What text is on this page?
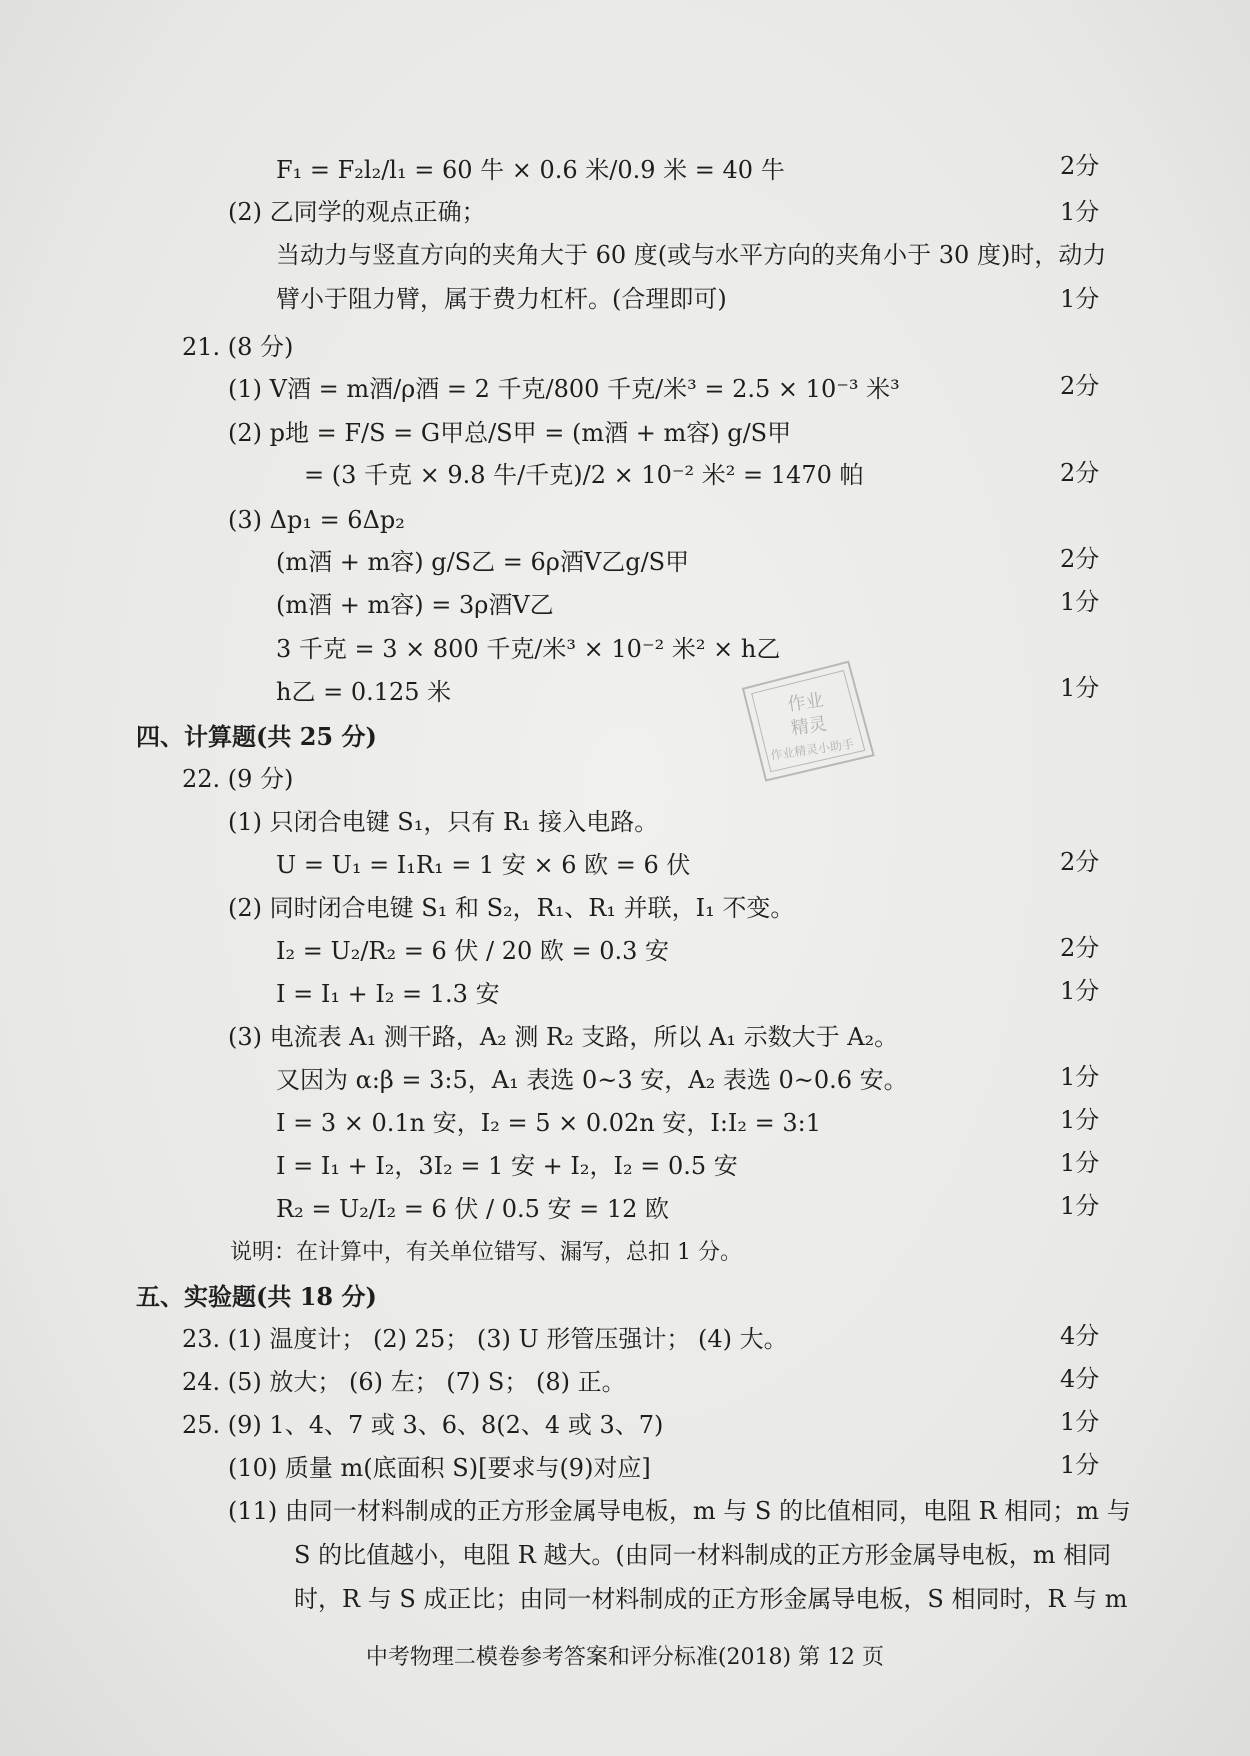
F₁ = F₂l₂/l₁ = 60 牛 × 0.6 米/0.9 米 = 40 牛	2分
(2) 乙同学的观点正确；	1分
当动力与竖直方向的夹角大于 60 度(或与水平方向的夹角小于 30 度)时，动力
臂小于阻力臂，属于费力杠杆。(合理即可)	1分
21. (8 分)
(1) V酒 = m酒/ρ酒 = 2 千克/800 千克/米³ = 2.5 × 10⁻³ 米³	2分
(2) p地 = F/S = G甲总/S甲 = (m酒 + m容) g/S甲
= (3 千克 × 9.8 牛/千克)/2 × 10⁻² 米² = 1470 帕	2分
(3) Δp₁ = 6Δp₂
(m酒 + m容) g/S乙 = 6ρ酒V乙g/S甲	2分
(m酒 + m容) = 3ρ酒V乙	1分
3 千克 = 3 × 800 千克/米³ × 10⁻² 米² × h乙
h乙 = 0.125 米	1分
作业
精灵
作业精灵小助手
四、计算题(共 25 分)
22. (9 分)
(1) 只闭合电键 S₁，只有 R₁ 接入电路。
U = U₁ = I₁R₁ = 1 安 × 6 欧 = 6 伏	2分
(2) 同时闭合电键 S₁ 和 S₂，R₁、R₁ 并联，I₁ 不变。
I₂ = U₂/R₂ = 6 伏 / 20 欧 = 0.3 安	2分
I = I₁ + I₂ = 1.3 安	1分
(3) 电流表 A₁ 测干路，A₂ 测 R₂ 支路，所以 A₁ 示数大于 A₂。
又因为 α:β = 3:5，A₁ 表选 0~3 安，A₂ 表选 0~0.6 安。	1分
I = 3 × 0.1n 安，I₂ = 5 × 0.02n 安，I:I₂ = 3:1	1分
I = I₁ + I₂，3I₂ = 1 安 + I₂，I₂ = 0.5 安	1分
R₂ = U₂/I₂ = 6 伏 / 0.5 安 = 12 欧	1分
说明：在计算中，有关单位错写、漏写，总扣 1 分。
五、实验题(共 18 分)
23. (1) 温度计； (2) 25； (3) U 形管压强计； (4) 大。	4分
24. (5) 放大； (6) 左； (7) S； (8) 正。	4分
25. (9) 1、4、7 或 3、6、8(2、4 或 3、7)	1分
(10) 质量 m(底面积 S)[要求与(9)对应]	1分
(11) 由同一材料制成的正方形金属导电板，m 与 S 的比值相同，电阻 R 相同；m 与
S 的比值越小，电阻 R 越大。(由同一材料制成的正方形金属导电板，m 相同
时，R 与 S 成正比；由同一材料制成的正方形金属导电板，S 相同时，R 与 m
中考物理二模卷参考答案和评分标准(2018) 第 12 页
